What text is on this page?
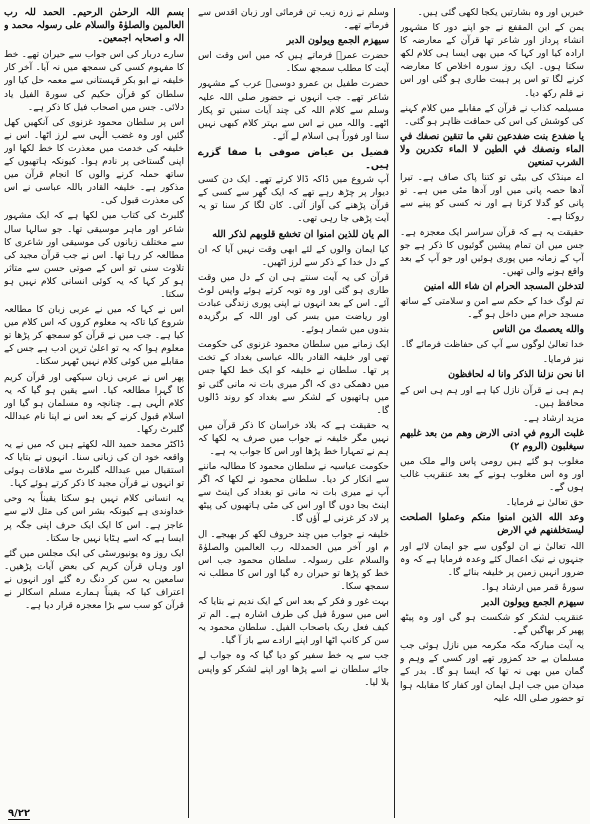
خبریں اور وہ بشارتیں یکجا لکھی گئی ہیں۔
یمن کے ابن المقفع نے جو اپنے دور کا مشہور انشاء پرداز اور شاعر تھا قرآن کے معارضہ کا ارادہ کیا اور کہا کہ میں بھی ایسا ہی کلام لکھ سکتا ہوں۔ ایک روز سورہ اخلاص کا معارضہ کرنے لگا تو اس پر ہیبت طاری ہو گئی اور اس نے قلم رکھ دیا۔
مسیلمہ کذاب نے قرآن کے مقابلے میں کلام کہنے کی کوشش کی اس کی حماقت ظاہر ہو گئی۔
يا ضفدع بنت ضفدعين نقي ما تنقين نصفك في الماء ونصفك في الطين لا الماء تكدرين ولا الشرب تمنعين
اے مینڈک کی بیٹی تو کتنا پاک صاف ہے۔ تیرا آدھا حصہ پانی میں اور آدھا مٹی میں ہے۔ تو پانی کو گدلا کرتا ہے اور نہ کسی کو پینے سے روکتا ہے۔
حقیقت یہ ہے کہ قرآن سراسر ایک معجزہ ہے۔ جس میں ان تمام پیشین گوئیوں کا ذکر ہے جو آپ کے زمانہ میں پوری ہوئیں اور جو آپ کے بعد واقع ہونے والی تھیں۔
لتدخلن المسجد الحرام ان شاء الله امنين
تم لوگ خدا کے حکم سے امن و سلامتی کے ساتھ مسجد حرام میں داخل ہو گے۔
والله يعصمك من الناس
خدا تعالیٰ لوگوں سے آپ کی حفاظت فرمائے گا۔
نیز فرمایا۔
انا نحن نزلنا الذكر وانا له لحافظون
ہم ہی نے قرآن نازل کیا ہے اور ہم ہی اس کے محافظ ہیں۔
مزید ارشاد ہے۔
غلبت الروم في ادنى الارض وهم من بعد غلبهم سيغلبون (الروم ۲)
مغلوب ہو گئے ہیں رومی پاس والے ملک میں اور وہ اس مغلوب ہونے کے بعد عنقریب غالب ہوں گے۔
حق تعالیٰ نے فرمایا۔
وعد الله الذين امنوا منكم وعملوا الصلحت ليستخلفنهم في الارض
اللہ تعالیٰ نے ان لوگوں سے جو ایمان لائے اور جنہوں نے نیک اعمال کئے وعدہ فرمایا ہے کہ وہ ضرور انہیں زمین پر خلیفہ بنائے گا۔
سورۂ قمر میں ارشاد ہوا۔
سيهزم الجمع ويولون الدبر
عنقریب لشکر کو شکست ہو گی اور وہ پیٹھ پھیر کر بھاگیں گے۔
یہ آیت مبارکہ مکہ مکرمہ میں نازل ہوئی جب مسلمان بے حد کمزور تھے اور کسی کے وہم و گمان میں بھی نہ تھا کہ ایسا ہو گا۔ بدر کے میدان میں جب اہل ایمان اور کفار کا مقابلہ ہوا تو حضور صلی اللہ علیہ
وسلم نے زرہ زیب تن فرمائی اور زبان اقدس سے فرماتے تھے۔
سيهزم الجمع ويولون الدبر
حضرت عمرؓ فرماتے ہیں کہ میں اس وقت اس آیت کا مطلب سمجھ سکا۔
حضرت طفیل بن عمرو دوسیؓ عرب کے مشہور شاعر تھے۔ جب انہوں نے حضور صلی اللہ علیہ وسلم سے کلام اللہ کی چند آیات سنیں تو پکار اٹھے۔ واللہ میں نے اس سے بہتر کلام کبھی نہیں سنا اور فوراً ہی اسلام لے آئے۔
فضیل بن عیاض صوفی با صفا گزرے ہیں۔
آپ شروع میں ڈاکہ ڈالا کرتے تھے۔ ایک دن کسی دیوار پر چڑھ رہے تھے کہ ایک گھر سے کسی کے قرآن پڑھنے کی آواز آئی۔ کان لگا کر سنا تو یہ آیت پڑھی جا رہی تھی۔
الم يان للذين امنوا ان تخشع قلوبهم لذكر الله
کیا ایمان والوں کے لئے ابھی وقت نہیں آیا کہ ان کے دل خدا کے ذکر سے لرز اٹھیں۔
قرآن کی یہ آیت سنتے ہی ان کے دل میں وقت طاری ہو گئی اور وہ توبہ کرتے ہوئے واپس لوٹ آئے۔ اس کے بعد انہوں نے اپنی پوری زندگی عبادت اور ریاضت میں بسر کی اور اللہ کے برگزیدہ بندوں میں شمار ہوئے۔
ایک زمانے میں سلطان محمود غزنوی کی حکومت تھی اور خلیفہ القادر باللہ عباسی بغداد کے تخت پر تھا۔ سلطان نے خلیفہ کو ایک خط لکھا جس میں دھمکی دی کہ اگر میری بات نہ مانی گئی تو میں ہاتھیوں کے لشکر سے بغداد کو روند ڈالوں گا۔
یہ حقیقت ہے کہ بلاد خراسان کا ذکر قرآن میں نہیں مگر خلیفہ نے جواب میں صرف یہ لکھا کہ ہم نے تمہارا خط پڑھا اور اس کا جواب یہ ہے۔
حکومت عباسیہ نے سلطان محمود کا مطالبہ ماننے سے انکار کر دیا۔ سلطان محمود نے لکھا کہ اگر آپ نے میری بات نہ مانی تو بغداد کی اینٹ سے اینٹ بجا دوں گا اور اس کی مٹی ہاتھیوں کی پیٹھ پر لاد کر غزنی لے آؤں گا۔
خلیفہ نے جواب میں چند حروف لکھ کر بھیجے۔ ال م اور آخر میں الحمدللہ رب العالمین والصلوٰۃ والسلام علی رسولہ۔ سلطان محمود جب اس خط کو پڑھا تو حیران رہ گیا اور اس کا مطلب نہ سمجھ سکا۔
بہت غور و فکر کے بعد اس کے ایک ندیم نے بتایا کہ اس میں سورۂ فیل کی طرف اشارہ ہے۔ الم تر کیف فعل ربک باصحاب الفیل۔ سلطان محمود یہ سن کر کانپ اٹھا اور اپنے ارادے سے باز آ گیا۔
جب سے یہ خط سفیر کو دیا گیا کہ وہ جواب لے جائے سلطان نے اسے پڑھا اور اپنے لشکر کو واپس بلا لیا۔
بسم اللہ الرحمٰن الرحیم۔ الحمد للہ رب العالمین والصلوٰۃ والسلام علی رسولہ محمد و الہ و اصحابہ اجمعین۔
سارے دربار کی اس جواب سے حیران تھے۔ خط کا مفہوم کسی کی سمجھ میں نہ آیا۔ آخر کار خلیفہ نے ابو بکر قہستانی سے معمہ حل کیا اور سلطان کو قرآن حکیم کی سورۃ الفیل یاد دلائی۔ جس میں اصحاب فیل کا ذکر ہے۔
اس پر سلطان محمود غزنوی کی آنکھیں کھل گئیں اور وہ غضب الٰہی سے لرز اٹھا۔ اس نے خلیفہ کی خدمت میں معذرت کا خط لکھا اور اپنی گستاخی پر نادم ہوا۔ کیونکہ ہاتھیوں کے ساتھ حملہ کرنے والوں کا انجام قرآن میں مذکور ہے۔ خلیفہ القادر باللہ عباسی نے اس کی معذرت قبول کی۔
گلبرٹ کی کتاب میں لکھا ہے کہ ایک مشہور شاعر اور ماہر موسیقی تھا۔ جو سالہا سال سے مختلف زبانوں کی موسیقی اور شاعری کا مطالعہ کر رہا تھا۔ اس نے جب قرآن مجید کی تلاوت سنی تو اس کے صوتی حسن سے متاثر ہو کر کہا کہ یہ کوئی انسانی کلام نہیں ہو سکتا۔
اس نے کہا کہ میں نے عربی زبان کا مطالعہ شروع کیا تاکہ یہ معلوم کروں کہ اس کلام میں کیا ہے۔ جب میں نے قرآن کو سمجھ کر پڑھا تو معلوم ہوا کہ یہ تو اعلیٰ ترین ادب ہے جس کے مقابلے میں کوئی کلام نہیں ٹھہر سکتا۔
پھر اس نے عربی زبان سیکھی اور قرآن کریم کا گہرا مطالعہ کیا۔ اسے یقین ہو گیا کہ یہ کلام الٰہی ہے۔ چنانچہ وہ مسلمان ہو گیا اور اسلام قبول کرنے کے بعد اس نے اپنا نام عبداللہ گلبرٹ رکھا۔
ڈاکٹر محمد حمید اللہ لکھتے ہیں کہ میں نے یہ واقعہ خود ان کی زبانی سنا۔ انہوں نے بتایا کہ استقبال میں عبداللہ گلبرٹ سے ملاقات ہوئی تو انہوں نے قرآن مجید کا ذکر کرتے ہوئے کہا۔
یہ انسانی کلام نہیں ہو سکتا یقیناً یہ وحی خداوندی ہے کیونکہ بشر اس کی مثل لانے سے عاجز ہے۔ اس کا ایک ایک حرف اپنی جگہ پر ایسا ہے کہ اسے ہٹایا نہیں جا سکتا۔
ایک روز وہ یونیورسٹی کی ایک مجلس میں گئے اور وہاں قرآن کریم کی بعض آیات پڑھیں۔ سامعین یہ سن کر دنگ رہ گئے اور انہوں نے اعتراف کیا کہ یقیناً ہمارے مسلم اسکالر نے قرآن کو سب سے بڑا معجزہ قرار دیا ہے۔
۹/۲۲
